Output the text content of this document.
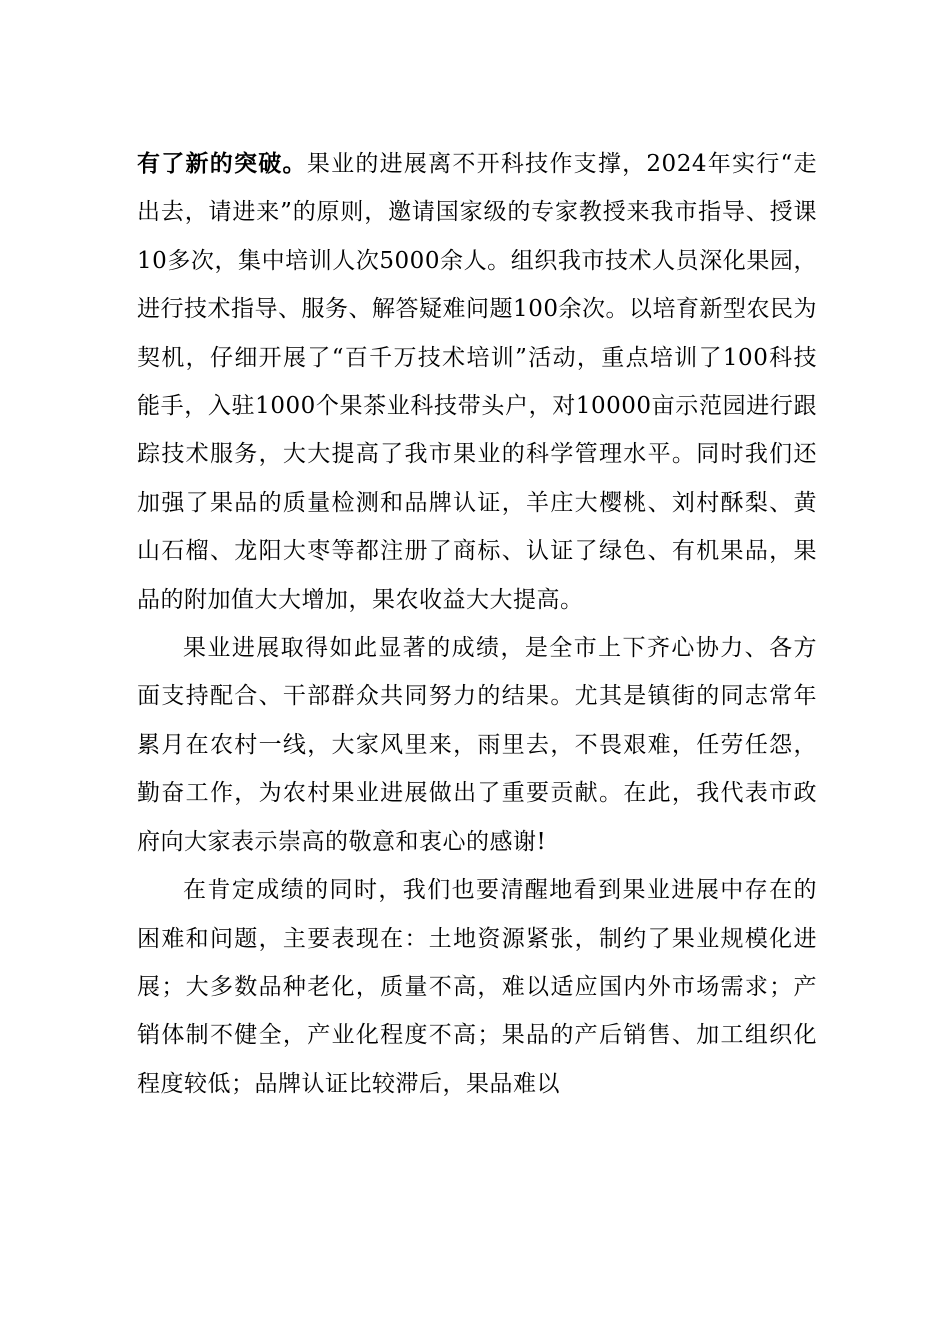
有了新的突破。果业的进展离不开科技作支撑，2024年实行“走出去，请进来”的原则，邀请国家级的专家教授来我市指导、授课10多次，集中培训人次5000余人。组织我市技术人员深化果园，进行技术指导、服务、解答疑难问题100余次。以培育新型农民为契机，仔细开展了“百千万技术培训”活动，重点培训了100科技能手，入驻1000个果茶业科技带头户，对10000亩示范园进行跟踪技术服务，大大提高了我市果业的科学管理水平。同时我们还加强了果品的质量检测和品牌认证，羊庄大樱桃、刘村酥梨、黄山石榴、龙阳大枣等都注册了商标、认证了绿色、有机果品，果品的附加值大大增加，果农收益大大提高。

果业进展取得如此显著的成绩，是全市上下齐心协力、各方面支持配合、干部群众共同努力的结果。尤其是镇街的同志常年累月在农村一线，大家风里来，雨里去，不畏艰难，任劳任怨，勤奋工作，为农村果业进展做出了重要贡献。在此，我代表市政府向大家表示崇高的敬意和衷心的感谢!

在肯定成绩的同时，我们也要清醒地看到果业进展中存在的困难和问题，主要表现在：土地资源紧张，制约了果业规模化进展；大多数品种老化，质量不高，难以适应国内外市场需求；产销体制不健全，产业化程度不高；果品的产后销售、加工组织化程度较低；品牌认证比较滞后，果品难以
